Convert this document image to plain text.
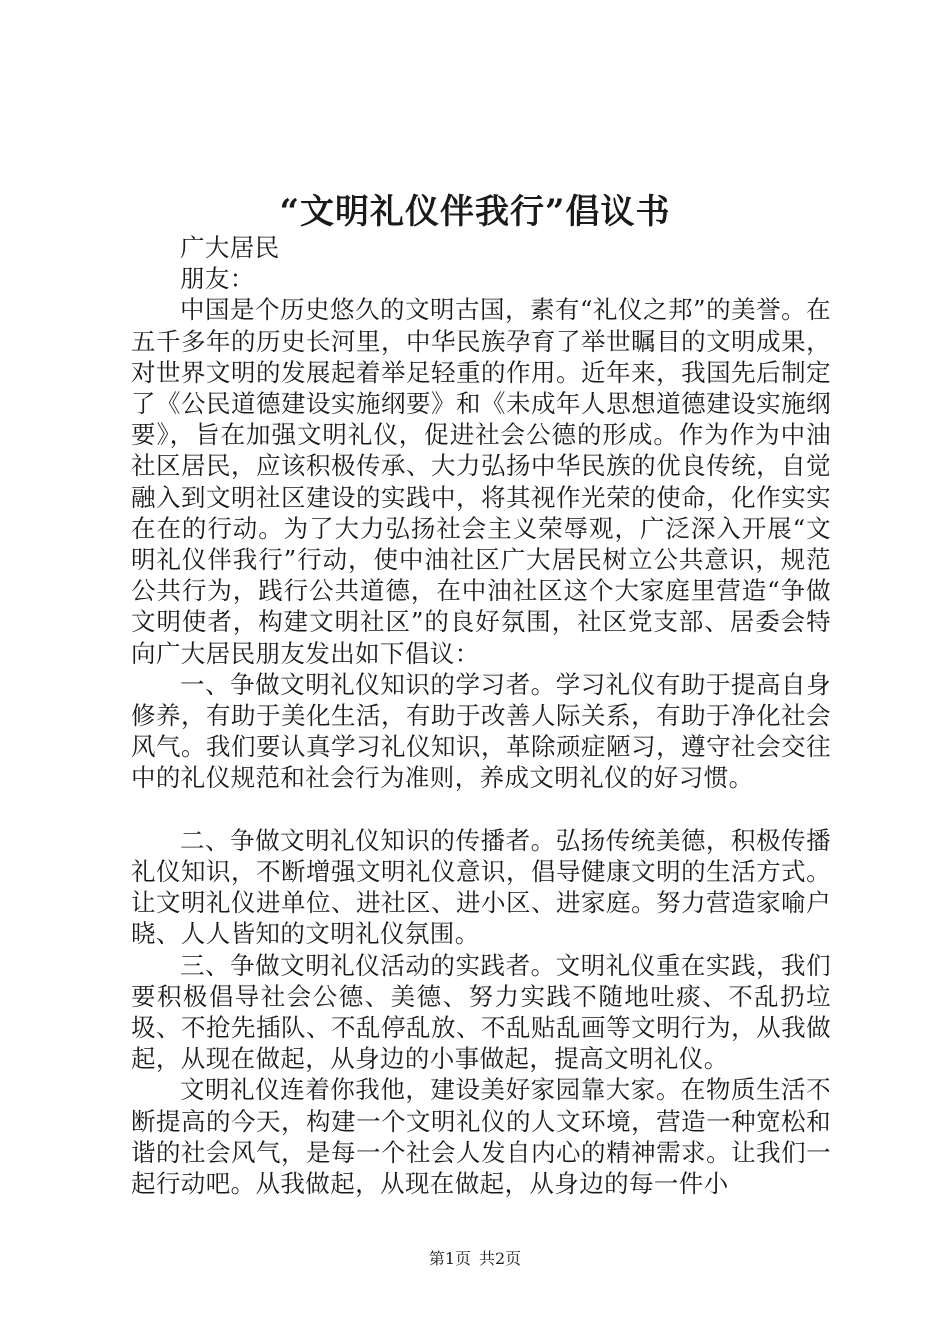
“文明礼仪伴我行”倡议书

广大居民

朋友：

中国是个历史悠久的文明古国，素有“礼仪之邦”的美誉。在五千多年的历史长河里，中华民族孕育了举世瞩目的文明成果，对世界文明的发展起着举足轻重的作用。近年来，我国先后制定了《公民道德建设实施纲要》和《未成年人思想道德建设实施纲要》，旨在加强文明礼仪，促进社会公德的形成。作为作为中油社区居民，应该积极传承、大力弘扬中华民族的优良传统，自觉融入到文明社区建设的实践中，将其视作光荣的使命，化作实实在在的行动。为了大力弘扬社会主义荣辱观，广泛深入开展“文明礼仪伴我行”行动，使中油社区广大居民树立公共意识，规范公共行为，践行公共道德，在中油社区这个大家庭里营造“争做文明使者，构建文明社区”的良好氛围，社区党支部、居委会特向广大居民朋友发出如下倡议：

一、争做文明礼仪知识的学习者。学习礼仪有助于提高自身修养，有助于美化生活，有助于改善人际关系，有助于净化社会风气。我们要认真学习礼仪知识，革除顽症陋习，遵守社会交往中的礼仪规范和社会行为准则，养成文明礼仪的好习惯。

二、争做文明礼仪知识的传播者。弘扬传统美德，积极传播礼仪知识，不断增强文明礼仪意识，倡导健康文明的生活方式。让文明礼仪进单位、进社区、进小区、进家庭。努力营造家喻户晓、人人皆知的文明礼仪氛围。

三、争做文明礼仪活动的实践者。文明礼仪重在实践，我们要积极倡导社会公德、美德、努力实践不随地吐痰、不乱扔垃圾、不抢先插队、不乱停乱放、不乱贴乱画等文明行为，从我做起，从现在做起，从身边的小事做起，提高文明礼仪。

文明礼仪连着你我他，建设美好家园靠大家。在物质生活不断提高的今天，构建一个文明礼仪的人文环境，营造一种宽松和谐的社会风气，是每一个社会人发自内心的精神需求。让我们一起行动吧。从我做起，从现在做起，从身边的每一件小

第1页 共2页
